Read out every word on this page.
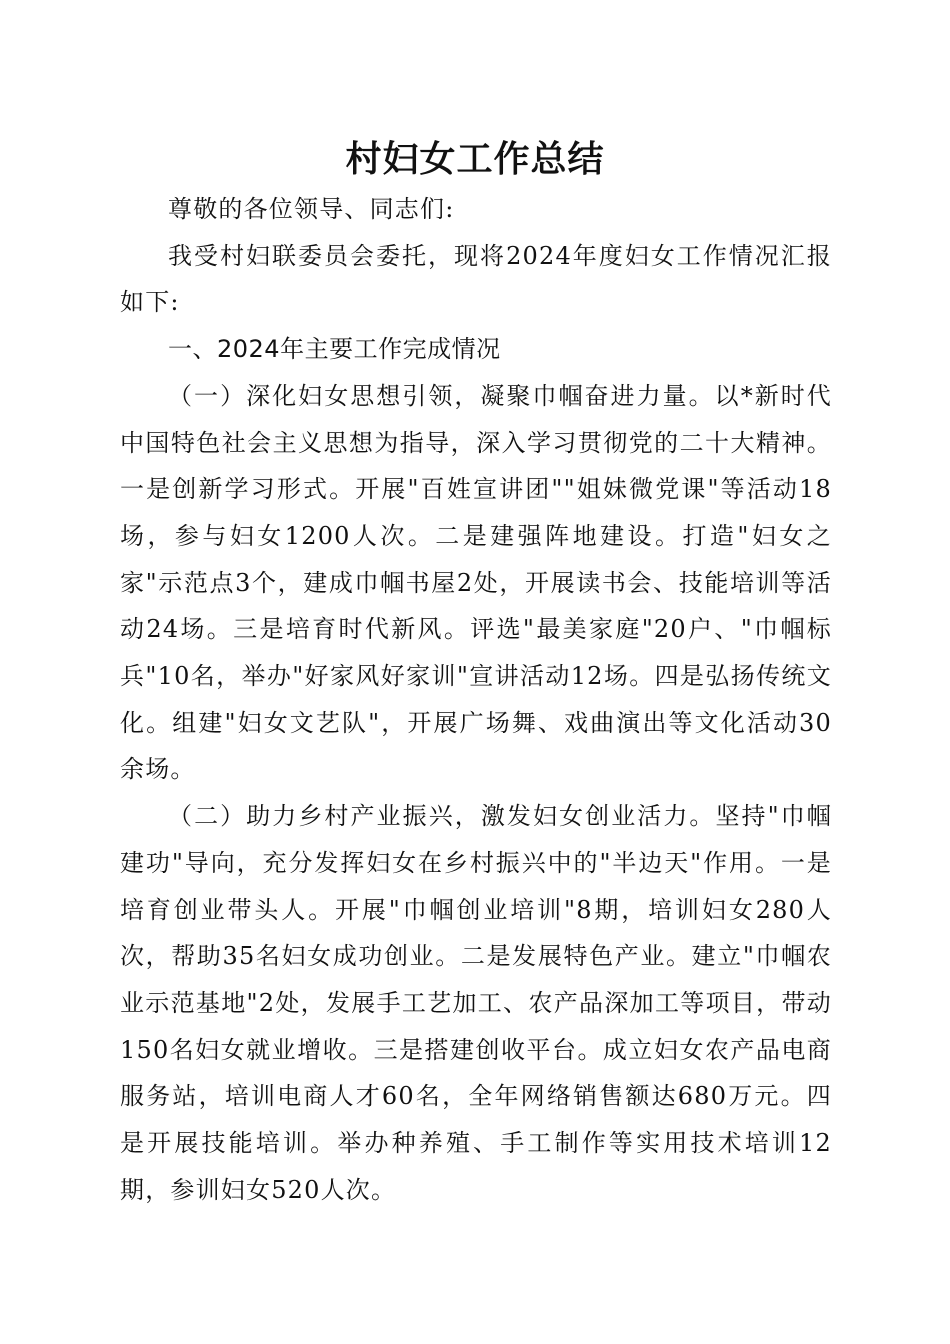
村妇女工作总结

尊敬的各位领导、同志们:

我受村妇联委员会委托，现将2024年度妇女工作情况汇报如下:

一、2024年主要工作完成情况

（一）深化妇女思想引领，凝聚巾帼奋进力量。以*新时代中国特色社会主义思想为指导，深入学习贯彻党的二十大精神。一是创新学习形式。开展"百姓宣讲团""姐妹微党课"等活动18场，参与妇女1200人次。二是建强阵地建设。打造"妇女之家"示范点3个，建成巾帼书屋2处，开展读书会、技能培训等活动24场。三是培育时代新风。评选"最美家庭"20户、"巾帼标兵"10名，举办"好家风好家训"宣讲活动12场。四是弘扬传统文化。组建"妇女文艺队"，开展广场舞、戏曲演出等文化活动30余场。

（二）助力乡村产业振兴，激发妇女创业活力。坚持"巾帼建功"导向，充分发挥妇女在乡村振兴中的"半边天"作用。一是培育创业带头人。开展"巾帼创业培训"8期，培训妇女280人次，帮助35名妇女成功创业。二是发展特色产业。建立"巾帼农业示范基地"2处，发展手工艺加工、农产品深加工等项目，带动150名妇女就业增收。三是搭建创收平台。成立妇女农产品电商服务站，培训电商人才60名，全年网络销售额达680万元。四是开展技能培训。举办种养殖、手工制作等实用技术培训12期，参训妇女520人次。
